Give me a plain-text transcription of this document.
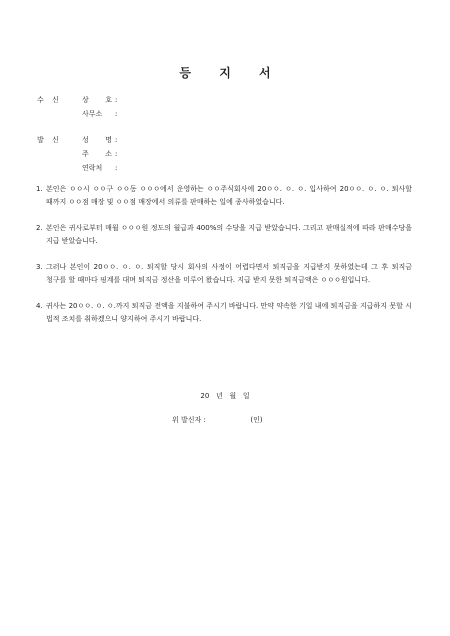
등 지 서
수 신	상 호 :
사무소	:
발 신	성 명 :
주 소 :
연락처	:
1. 본인은 ㅇㅇ시 ㅇㅇ구 ㅇㅇ동 ㅇㅇㅇ에서 운영하는 ㅇㅇ주식회사에 20ㅇㅇ. ㅇ. ㅇ. 입사하여 20ㅇㅇ. ㅇ. ㅇ. 퇴사할 때까지 ㅇㅇ점 매장 및 ㅇㅇ점 매장에서 의류를 판매하는 일에 종사하였습니다.
2. 본인은 귀사로부터 매월 ㅇㅇㅇ원 정도의 월급과 400%의 수당을 지급 받았습니다. 그리고 판매실적에 따라 판매수당을 지급 받았습니다.
3. 그러나 본인이 20ㅇㅇ. ㅇ. ㅇ. 퇴직할 당시 회사의 사정이 어렵다면서 퇴직금을 지급받지 못하였는데 그 후 퇴직금 청구를 할 때마다 핑계를 대며 퇴직금 정산을 미루어 왔습니다. 지급 받지 못한 퇴직금액은 ㅇㅇㅇ원입니다.
4. 귀사는 20ㅇㅇ. ㅇ. ㅇ.까지 퇴직금 전액을 지불하여 주시기 바랍니다. 만약 약속한 기일 내에 퇴직금을 지급하지 못할 시 법적 조치를 취하겠으니 양지하여 주시기 바랍니다.
20   년   월   일
위 발신자 :	(인)
